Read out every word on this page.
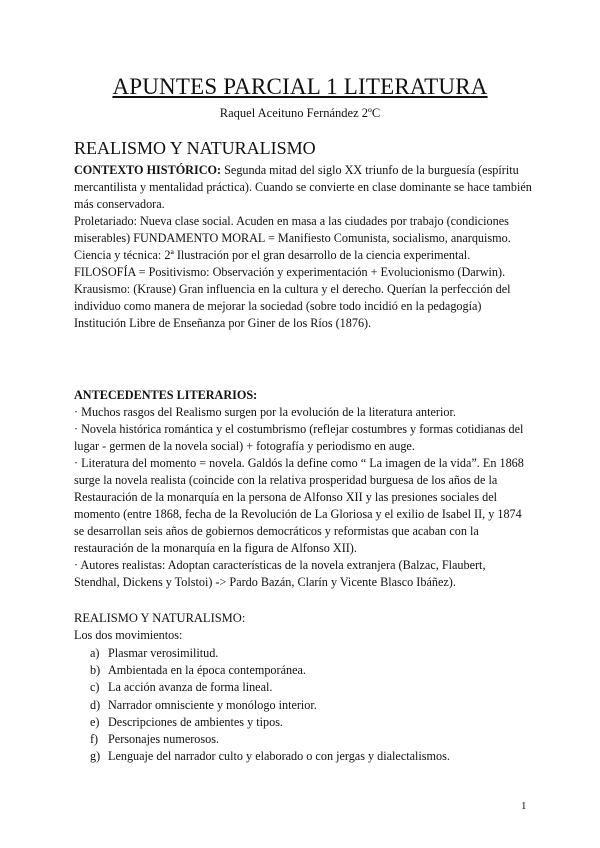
APUNTES PARCIAL 1 LITERATURA
Raquel Aceituno Fernández 2ºC
REALISMO Y NATURALISMO

CONTEXTO HISTÓRICO: Segunda mitad del siglo XX triunfo de la burguesía (espíritu mercantilista y mentalidad práctica). Cuando se convierte en clase dominante se hace también más conservadora.

Proletariado: Nueva clase social. Acuden en masa a las ciudades por trabajo (condiciones miserables) FUNDAMENTO MORAL = Manifiesto Comunista, socialismo, anarquismo.

Ciencia y técnica: 2ª Ilustración por el gran desarrollo de la ciencia experimental. FILOSOFÍA = Positivismo: Observación y experimentación + Evolucionismo (Darwin).

Krausismo: (Krause) Gran influencia en la cultura y el derecho. Querían la perfección del individuo como manera de mejorar la sociedad (sobre todo incidió en la pedagogía) Institución Libre de Enseñanza por Giner de los Ríos (1876).

ANTECEDENTES LITERARIOS:

· Muchos rasgos del Realismo surgen por la evolución de la literatura anterior.

· Novela histórica romántica y el costumbrismo (reflejar costumbres y formas cotidianas del lugar - germen de la novela social) + fotografía y periodismo en auge.

· Literatura del momento = novela. Galdós la define como “ La imagen de la vida”. En 1868 surge la novela realista (coincide con la relativa prosperidad burguesa de los años de la Restauración de la monarquía en la persona de Alfonso XII y las presiones sociales del momento (entre 1868, fecha de la Revolución de La Gloriosa y el exilio de Isabel II, y 1874 se desarrollan seis años de gobiernos democráticos y reformistas que acaban con la restauración de la monarquía en la figura de Alfonso XII).

· Autores realistas: Adoptan características de la novela extranjera (Balzac, Flaubert, Stendhal, Dickens y Tolstoi) -> Pardo Bazán, Clarín y Vicente Blasco Ibáñez).

REALISMO Y NATURALISMO:
Los dos movimientos:
a) Plasmar verosimilitud.
b) Ambientada en la época contemporánea.
c) La acción avanza de forma lineal.
d) Narrador omnisciente y monólogo interior.
e) Descripciones de ambientes y tipos.
f) Personajes numerosos.
g) Lenguaje del narrador culto y elaborado o con jergas y dialectalismos.
1
